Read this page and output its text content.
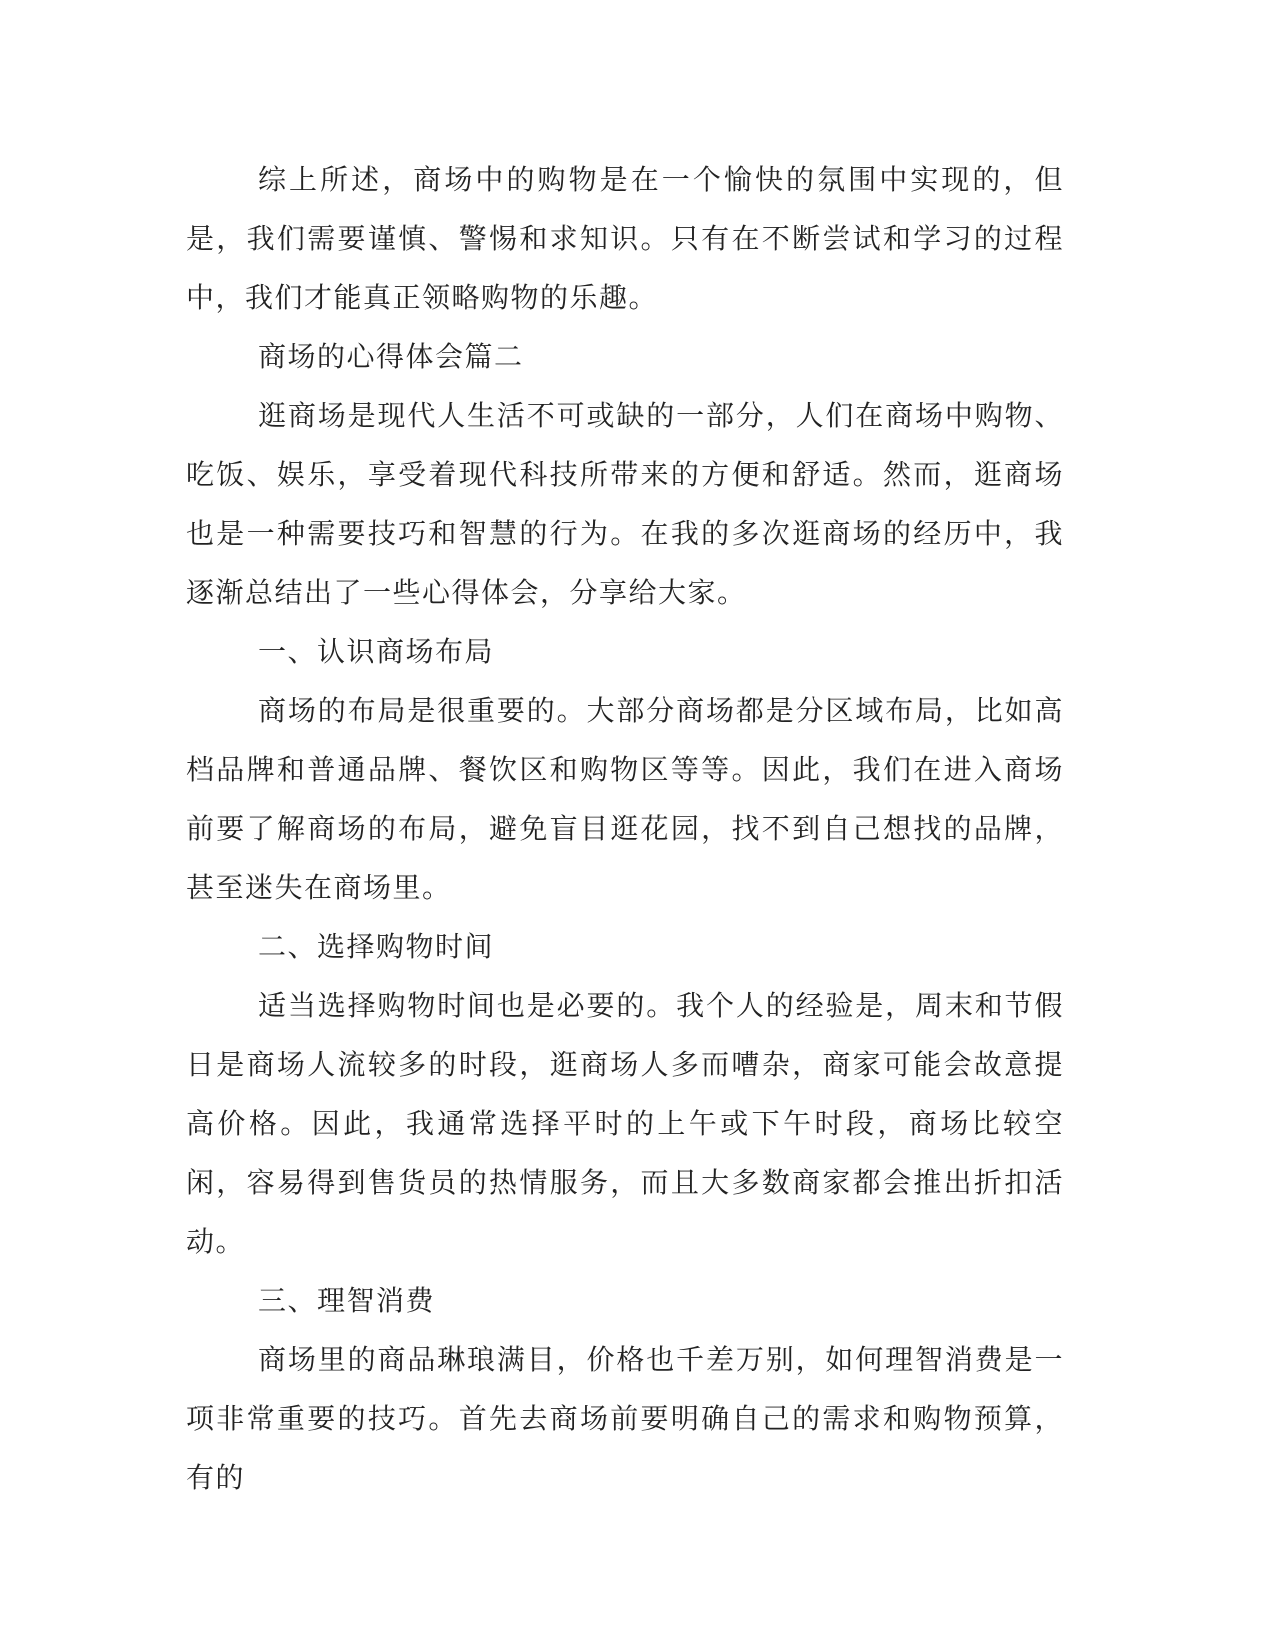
综上所述，商场中的购物是在一个愉快的氛围中实现的，但是，我们需要谨慎、警惕和求知识。只有在不断尝试和学习的过程中，我们才能真正领略购物的乐趣。

商场的心得体会篇二

逛商场是现代人生活不可或缺的一部分，人们在商场中购物、吃饭、娱乐，享受着现代科技所带来的方便和舒适。然而，逛商场也是一种需要技巧和智慧的行为。在我的多次逛商场的经历中，我逐渐总结出了一些心得体会，分享给大家。

一、认识商场布局

商场的布局是很重要的。大部分商场都是分区域布局，比如高档品牌和普通品牌、餐饮区和购物区等等。因此，我们在进入商场前要了解商场的布局，避免盲目逛花园，找不到自己想找的品牌，甚至迷失在商场里。

二、选择购物时间

适当选择购物时间也是必要的。我个人的经验是，周末和节假日是商场人流较多的时段，逛商场人多而嘈杂，商家可能会故意提高价格。因此，我通常选择平时的上午或下午时段，商场比较空闲，容易得到售货员的热情服务，而且大多数商家都会推出折扣活动。

三、理智消费

商场里的商品琳琅满目，价格也千差万别，如何理智消费是一项非常重要的技巧。首先去商场前要明确自己的需求和购物预算，有的
